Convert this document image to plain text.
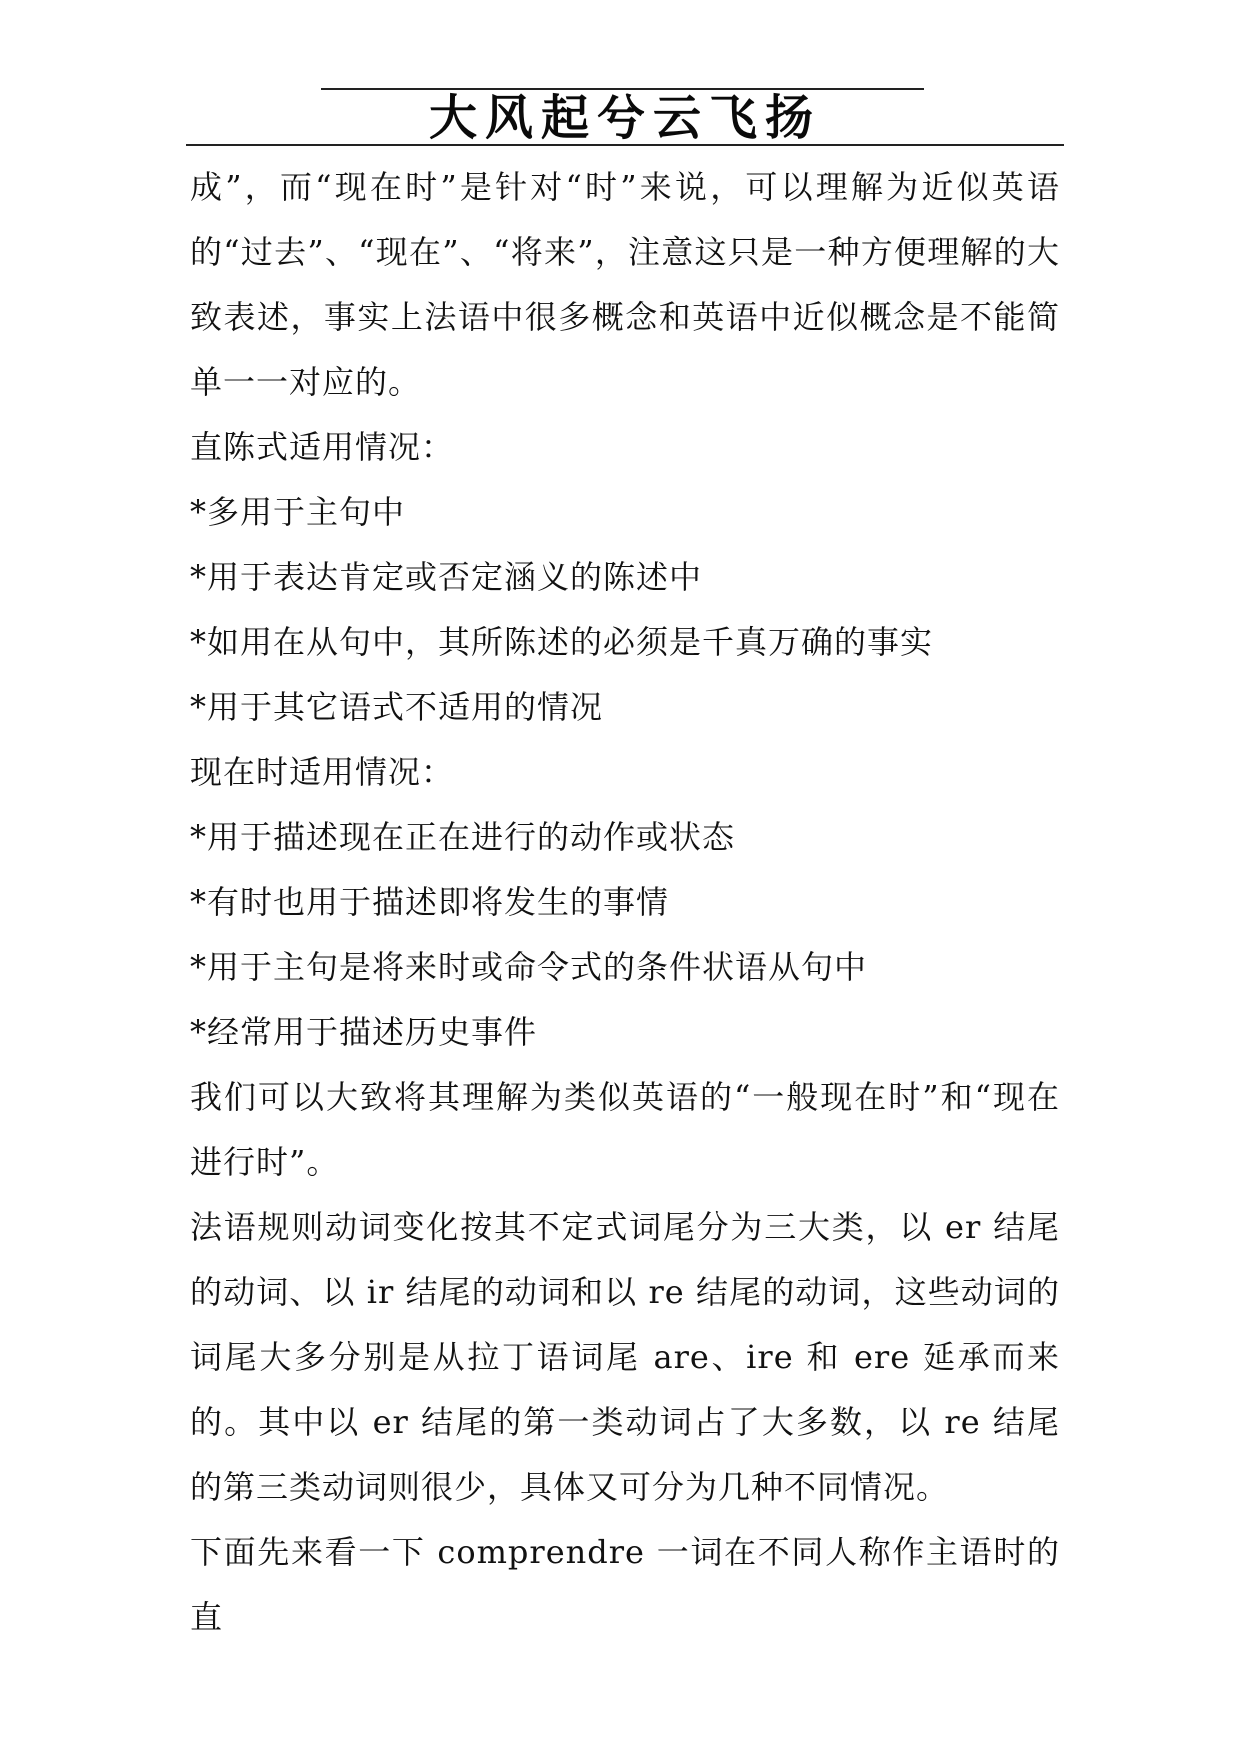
大风起兮云飞扬

成”，而“现在时”是针对“时”来说，可以理解为近似英语的“过去”、“现在”、“将来”，注意这只是一种方便理解的大致表述，事实上法语中很多概念和英语中近似概念是不能简单一一对应的。

直陈式适用情况：

*多用于主句中

*用于表达肯定或否定涵义的陈述中

*如用在从句中，其所陈述的必须是千真万确的事实

*用于其它语式不适用的情况

现在时适用情况：

*用于描述现在正在进行的动作或状态

*有时也用于描述即将发生的事情

*用于主句是将来时或命令式的条件状语从句中

*经常用于描述历史事件

我们可以大致将其理解为类似英语的“一般现在时”和“现在进行时”。

法语规则动词变化按其不定式词尾分为三大类，以 er 结尾的动词、以 ir 结尾的动词和以 re 结尾的动词，这些动词的词尾大多分别是从拉丁语词尾 are、ire 和 ere 延承而来的。其中以 er 结尾的第一类动词占了大多数，以 re 结尾的第三类动词则很少，具体又可分为几种不同情况。

下面先来看一下 comprendre 一词在不同人称作主语时的直
